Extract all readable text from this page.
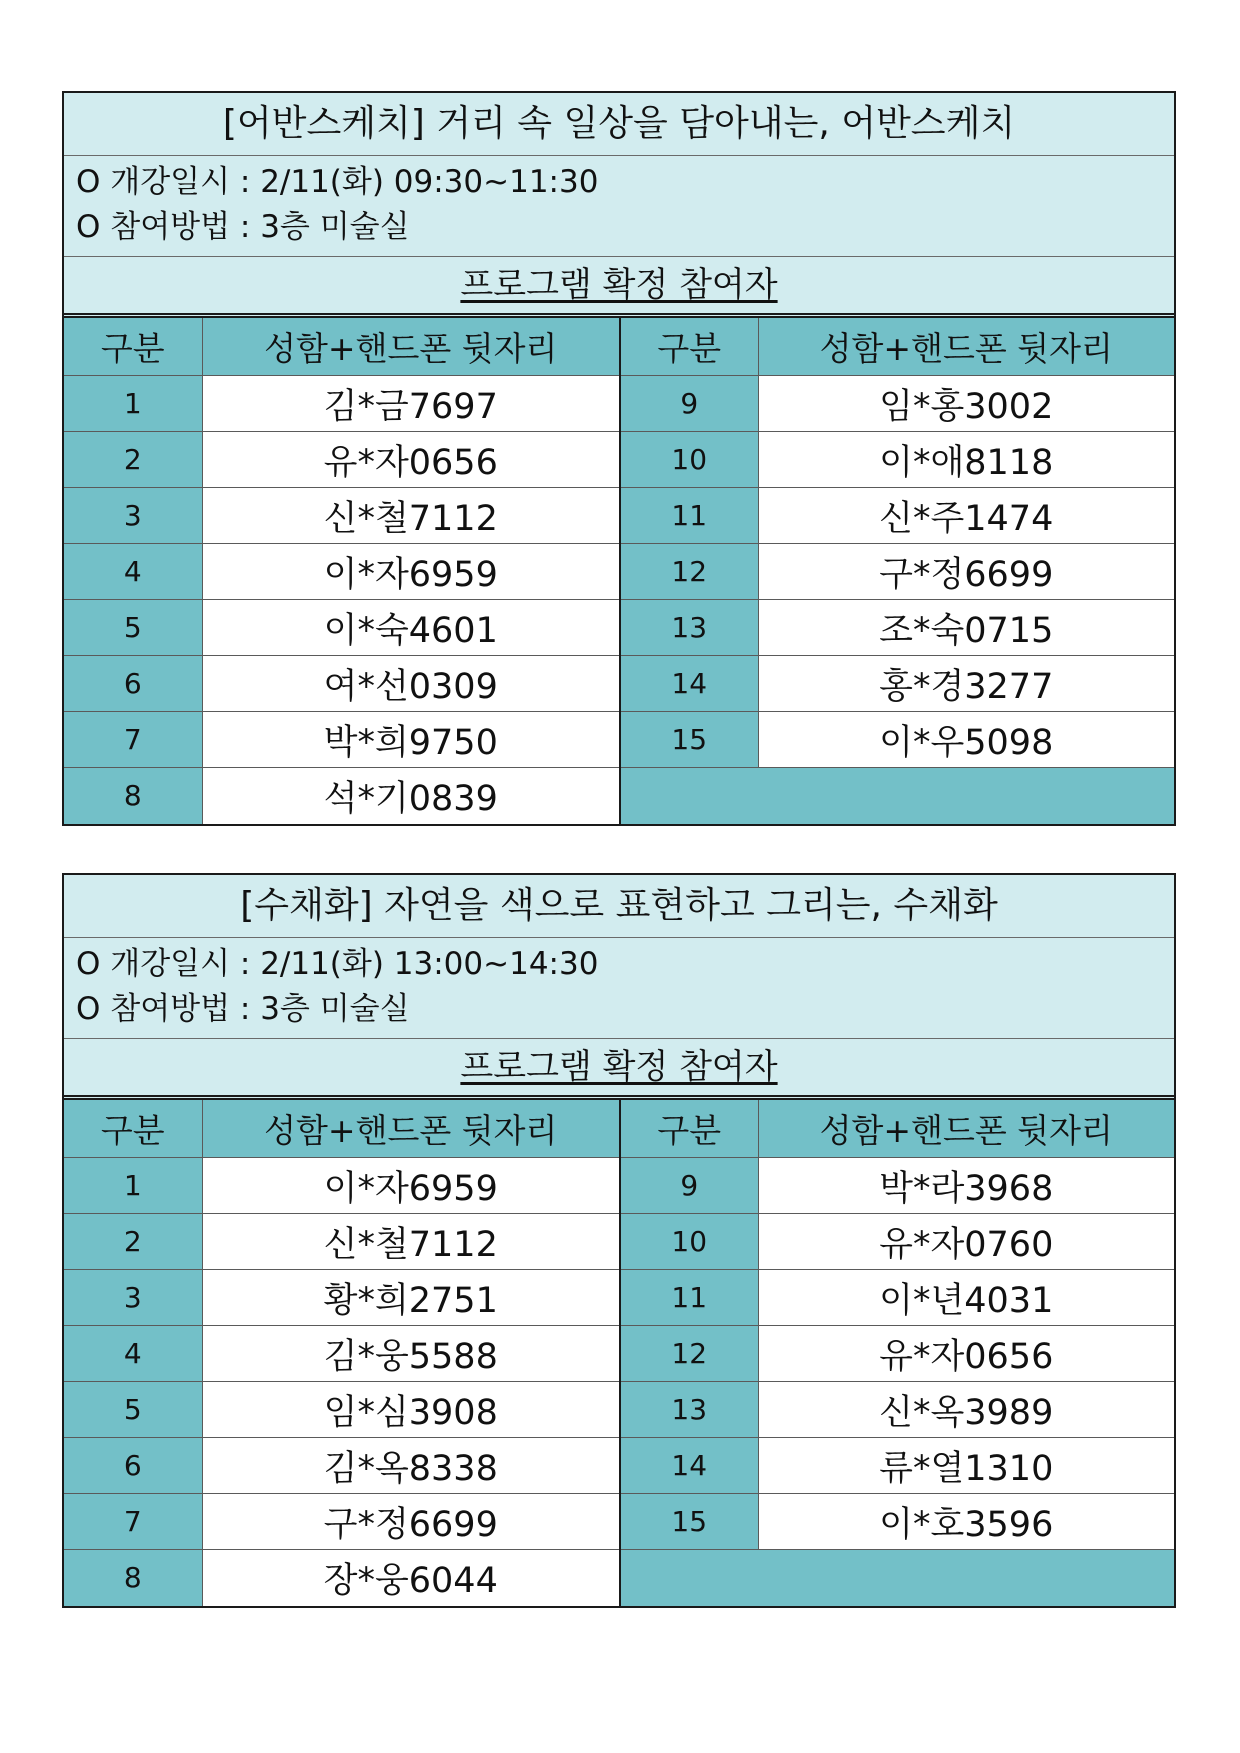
[어반스케치] 거리 속 일상을 담아내는, 어반스케치
O 개강일시 : 2/11(화) 09:30~11:30
O 참여방법 : 3층 미술실
프로그램 확정 참여자
구분	성함+핸드폰 뒷자리	구분	성함+핸드폰 뒷자리
1	김*금7697	9	임*홍3002
2	유*자0656	10	이*애8118
3	신*철7112	11	신*주1474
4	이*자6959	12	구*정6699
5	이*숙4601	13	조*숙0715
6	여*선0309	14	홍*경3277
7	박*희9750	15	이*우5098
8	석*기0839		
[수채화] 자연을 색으로 표현하고 그리는, 수채화
O 개강일시 : 2/11(화) 13:00~14:30
O 참여방법 : 3층 미술실
프로그램 확정 참여자
구분	성함+핸드폰 뒷자리	구분	성함+핸드폰 뒷자리
1	이*자6959	9	박*라3968
2	신*철7112	10	유*자0760
3	황*희2751	11	이*년4031
4	김*웅5588	12	유*자0656
5	임*심3908	13	신*옥3989
6	김*옥8338	14	류*열1310
7	구*정6699	15	이*호3596
8	장*웅6044		
